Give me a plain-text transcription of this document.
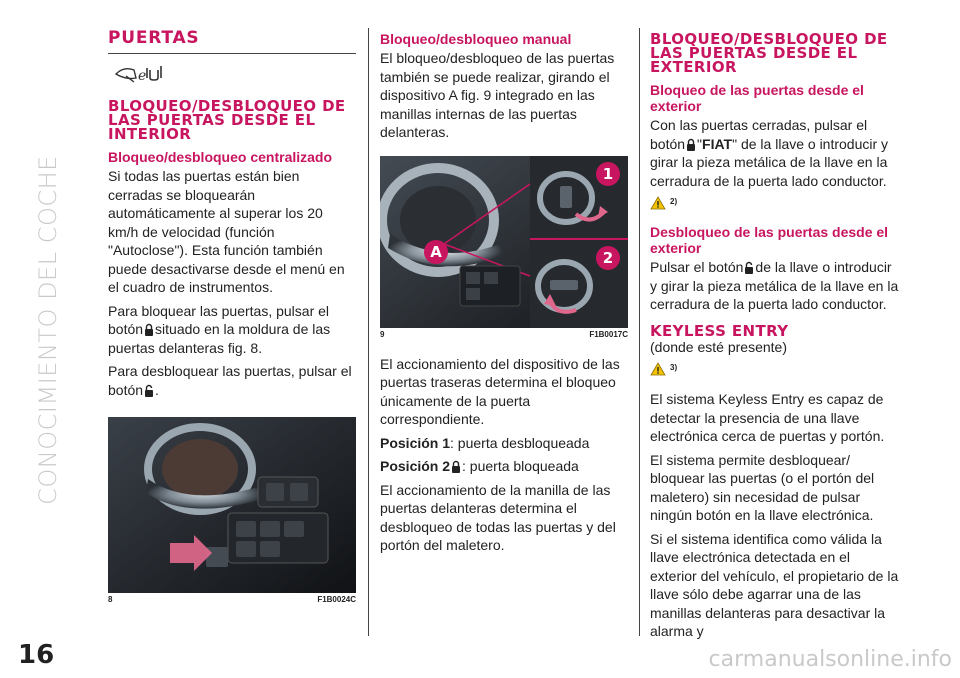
CONOCIMIENTO DEL COCHE
PUERTAS
e
BLOQUEO/DESBLOQUEO DE LAS PUERTAS DESDE EL INTERIOR
Bloqueo/desbloqueo centralizado

Si todas las puertas están bien cerradas se bloquearán automáticamente al superar los 20 km/h de velocidad (función "Autoclose"). Esta función también puede desactivarse desde el menú en el cuadro de instrumentos.

Para bloquear las puertas, pulsar el botón situado en la moldura de las puertas delanteras fig. 8.

Para desbloquear las puertas, pulsar el botón .

8	F1B0024C
Bloqueo/desbloqueo manual

El bloqueo/desbloqueo de las puertas también se puede realizar, girando el dispositivo A fig. 9 integrado en las manillas internas de las puertas delanteras.

A
1
2
9	F1B0017C

El accionamiento del dispositivo de las puertas traseras determina el bloqueo únicamente de la puerta correspondiente.

Posición 1: puerta desbloqueada

Posición 2 : puerta bloqueada

El accionamiento de la manilla de las puertas delanteras determina el desbloqueo de todas las puertas y del portón del maletero.

BLOQUEO/DESBLOQUEO DE LAS PUERTAS DESDE EL EXTERIOR
Bloqueo de las puertas desde el exterior

Con las puertas cerradas, pulsar el botón "FIAT" de la llave o introducir y girar la pieza metálica de la llave en la cerradura de la puerta lado conductor.

2)
Desbloqueo de las puertas desde el exterior

Pulsar el botón de la llave o introducir y girar la pieza metálica de la llave en la cerradura de la puerta lado conductor.

KEYLESS ENTRY

(donde esté presente)

3)

El sistema Keyless Entry es capaz de detectar la presencia de una llave electrónica cerca de puertas y portón.

El sistema permite desbloquear/ bloquear las puertas (o el portón del maletero) sin necesidad de pulsar ningún botón en la llave electrónica.

Si el sistema identifica como válida la llave electrónica detectada en el exterior del vehículo, el propietario de la llave sólo debe agarrar una de las manillas delanteras para desactivar la alarma y

16	carmanualsonline.info
